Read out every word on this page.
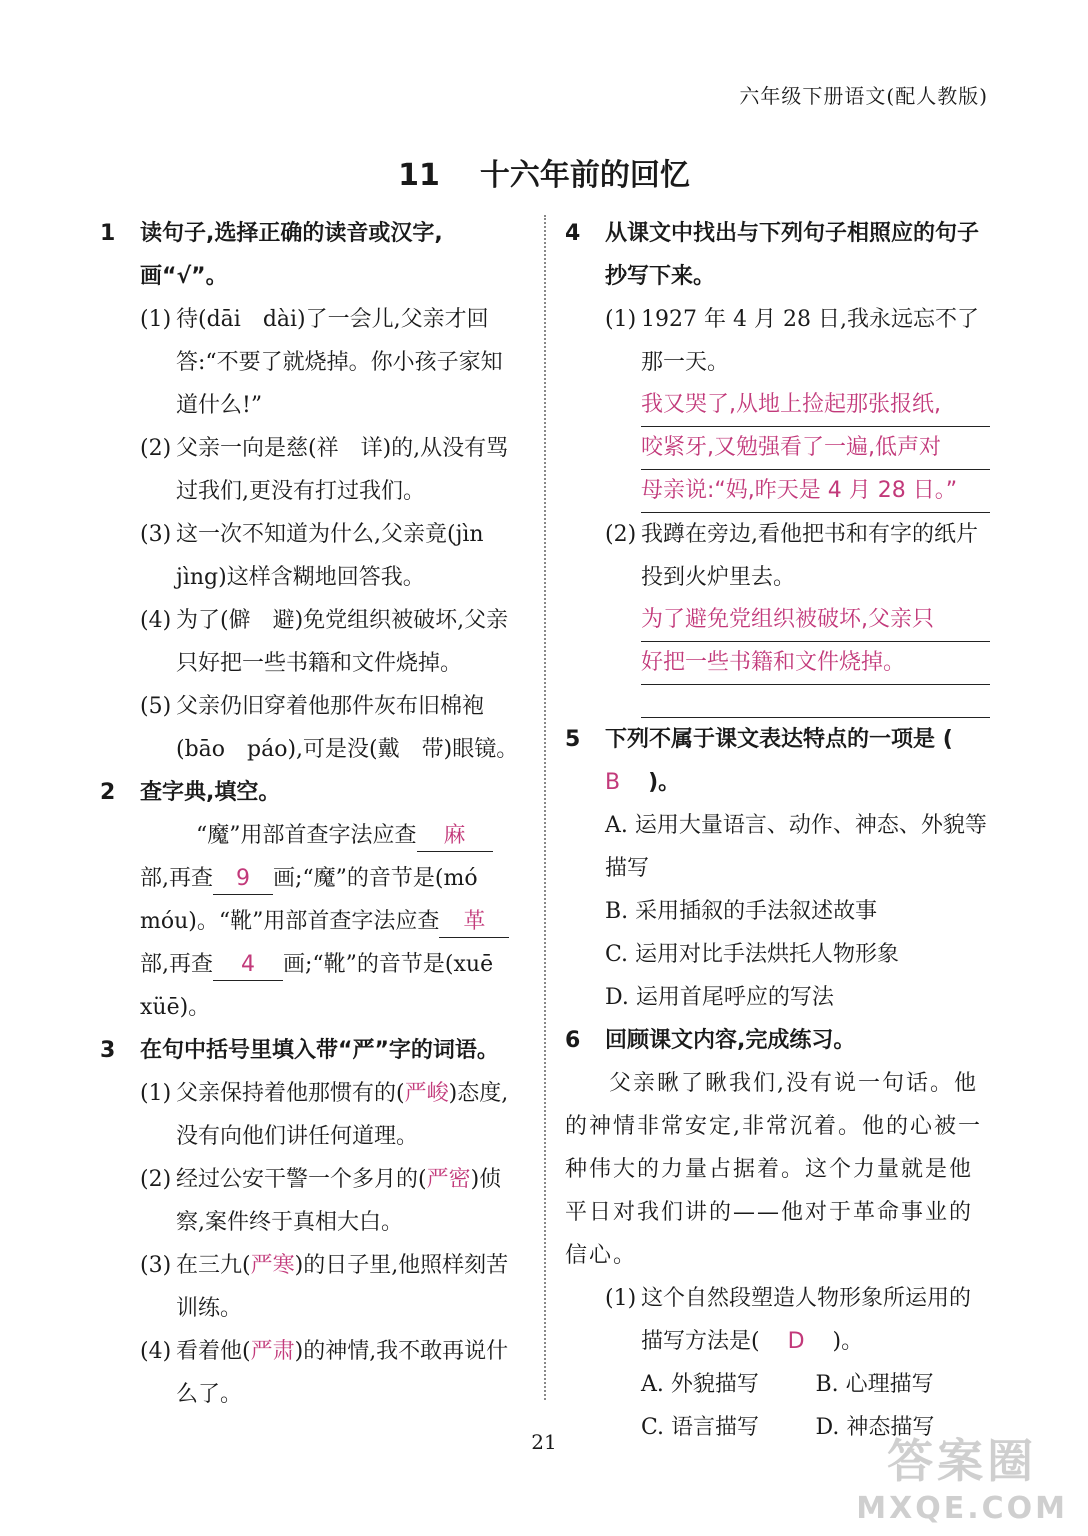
六年级下册语文(配人教版)
11 十六年前的回忆
1 读句子,选择正确的读音或汉字,画“√”。
(1) 待(dāi　dài)了一会儿,父亲才回答:“不要了就烧掉。你小孩子家知道什么!”
(2) 父亲一向是慈(祥　详)的,从没有骂过我们,更没有打过我们。
(3) 这一次不知道为什么,父亲竟(jìn　jìng)这样含糊地回答我。
(4) 为了(僻　避)免党组织被破坏,父亲只好把一些书籍和文件烧掉。
(5) 父亲仍旧穿着他那件灰布旧棉袍(bāo　páo),可是没(戴　带)眼镜。
2 查字典,填空。
“魔”用部首查字法应查 麻部,再查 9 画;“魔”的音节是(mó　móu)。“靴”用部首查字法应查 革部,再查 4 画;“靴”的音节是(xuē　xüē)。
3 在句中括号里填入带“严”字的词语。
(1) 父亲保持着他那惯有的(严峻)态度,没有向他们讲任何道理。
(2) 经过公安干警一个多月的(严密)侦察,案件终于真相大白。
(3) 在三九(严寒)的日子里,他照样刻苦训练。
(4) 看着他(严肃)的神情,我不敢再说什么了。
4 从课文中找出与下列句子相照应的句子抄写下来。
(1) 1927 年 4 月 28 日,我永远忘不了那一天。
我又哭了,从地上捡起那张报纸,
咬紧牙,又勉强看了一遍,低声对
母亲说:“妈,昨天是 4 月 28 日。”
(2) 我蹲在旁边,看他把书和有字的纸片投到火炉里去。
为了避免党组织被破坏,父亲只
好把一些书籍和文件烧掉。
5 下列不属于课文表达特点的一项是 (B )。
A. 运用大量语言、动作、神态、外貌等描写
B. 采用插叙的手法叙述故事
C. 运用对比手法烘托人物形象
D. 运用首尾呼应的写法
6 回顾课文内容,完成练习。
父亲瞅了瞅我们,没有说一句话。他的神情非常安定,非常沉着。他的心被一种伟大的力量占据着。这个力量就是他平日对我们讲的——他对于革命事业的信心。
(1) 这个自然段塑造人物形象所运用的描写方法是( D )。
A. 外貌描写	B. 心理描写
C. 语言描写	D. 神态描写
21	答案圈
MXQE.COM
